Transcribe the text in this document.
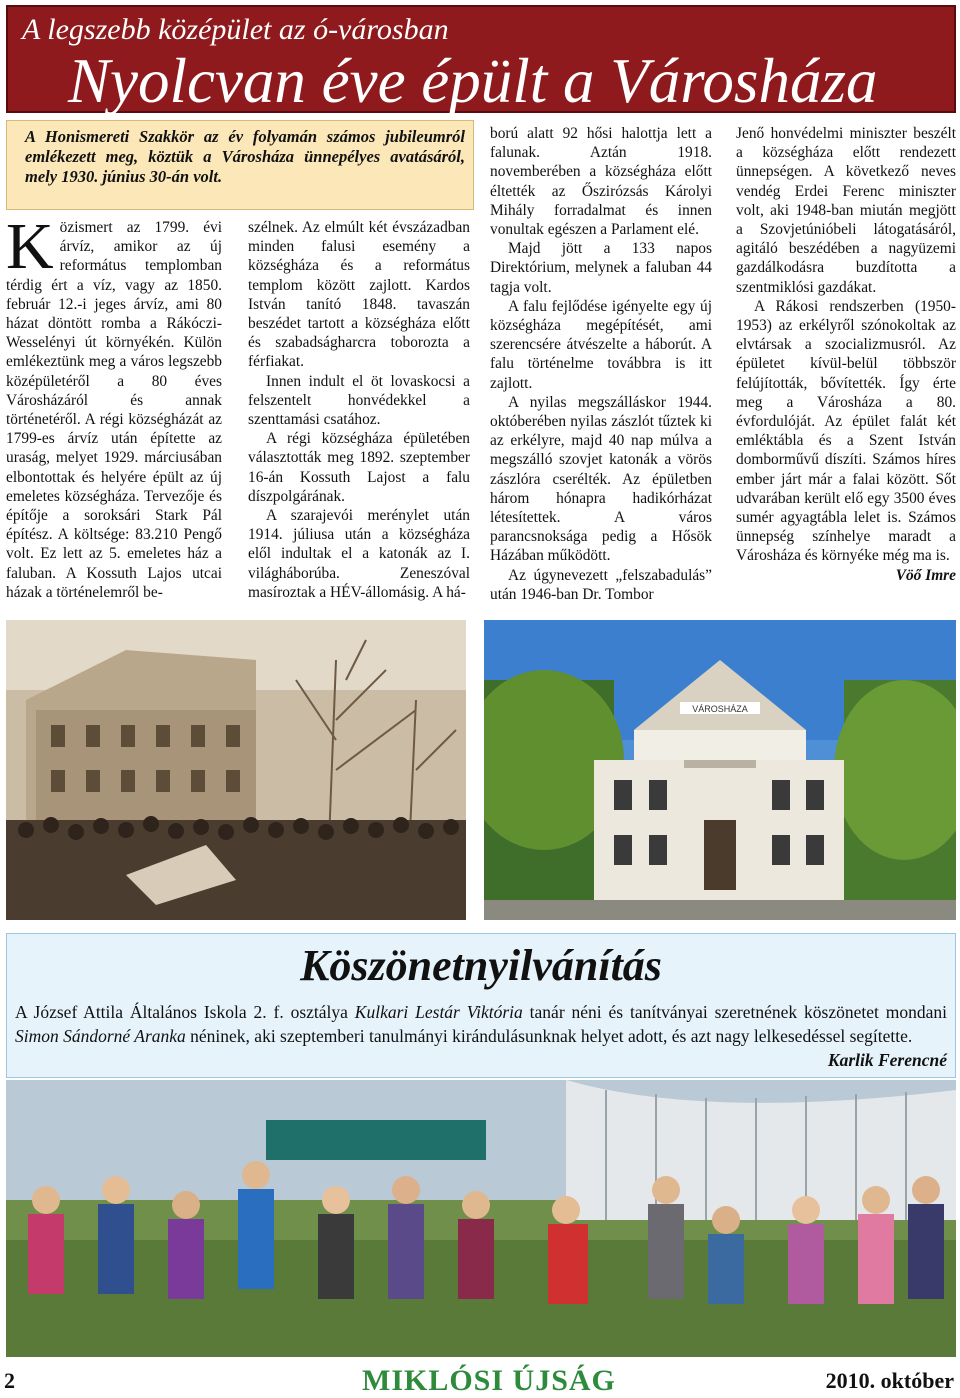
A legszebb középület az ó-városban
Nyolcvan éve épült a Városháza
A Honismereti Szakkör az év folyamán számos jubileumról emlékezett meg, köztük a Városháza ünnepélyes avatásáról, mely 1930. június 30-án volt.

Közismert az 1799. évi árvíz, amikor az új református templomban térdig ért a víz, vagy az 1850. február 12.-i jeges árvíz, ami 80 házat döntött romba a Rákóczi-Wesselényi út környékén. Külön emlékeztünk meg a város legszebb középületéről a 80 éves Városházáról és annak történetéről. A régi községházát az 1799-es árvíz után építette az uraság, melyet 1929. márciusában elbontottak és helyére épült az új emeletes községháza. Tervezője és építője a soroksári Stark Pál építész. A költsége: 83.210 Pengő volt. Ez lett az 5. emeletes ház a faluban. A Kossuth Lajos utcai házak a történelemről be-

szélnek. Az elmúlt két évszázadban minden falusi esemény a községháza és a református templom között zajlott. Kardos István tanító 1848. tavaszán beszédet tartott a községháza előtt és szabadságharcra toborozta a férfiakat.

Innen indult el öt lovaskocsi a felszentelt honvédekkel a szenttamási csatához.

A régi községháza épületében választották meg 1892. szeptember 16-án Kossuth Lajost a falu díszpolgárának.

A szarajevói merénylet után 1914. júliusa után a községháza elől indultak el a katonák az I. világháborúba. Zeneszóval masíroztak a HÉV-állomásig. A há-

ború alatt 92 hősi halottja lett a falunak. Aztán 1918. novemberében a községháza előtt éltették az Őszirózsás Károlyi Mihály forradalmat és innen vonultak egészen a Parlament elé.

Majd jött a 133 napos Direktórium, melynek a faluban 44 tagja volt.

A falu fejlődése igényelte egy új községháza megépítését, ami szerencsére átvészelte a háborút. A falu történelme továbbra is itt zajlott.

A nyilas megszálláskor 1944. októberében nyilas zászlót tűztek ki az erkélyre, majd 40 nap múlva a megszálló szovjet katonák a vörös zászlóra cserélték. Az épületben három hónapra hadikórházat létesítettek. A város parancsnoksága pedig a Hősök Házában működött.

Az úgynevezett „felszabadulás” után 1946-ban Dr. Tombor

Jenő honvédelmi miniszter beszélt a községháza előtt rendezett ünnepségen. A következő neves vendég Erdei Ferenc miniszter volt, aki 1948-ban miután megjött a Szovjetúnióbeli látogatásáról, agitáló beszédében a nagyüzemi gazdálkodásra buzdította a szentmiklósi gazdákat.

A Rákosi rendszerben (1950-1953) az erkélyről szónokoltak az elvtársak a szocializmusról. Az épületet kívül-belül többször felújították, bővítették. Így érte meg a Városháza a 80. évfordulóját. Az épület falát két emléktábla és a Szent István domborművű díszíti. Számos híres ember járt már a falai között. Sőt udvarában került elő egy 3500 éves sumér agyagtábla lelet is. Számos ünnepség színhelye maradt a Városháza és környéke még ma is.

Vöő Imre

VÁROSHÁZA
Köszönetnyilvánítás
A József Attila Általános Iskola 2. f. osztálya Kulkari Lestár Viktória tanár néni és tanítványai szeretnének köszönetet mondani Simon Sándorné Aranka néninek, aki szeptemberi tanulmányi kirándulásunknak helyet adott, és azt nagy lelkesedéssel segítette.
Karlik Ferencné
2	MIKLÓSI ÚJSÁG	2010. október
